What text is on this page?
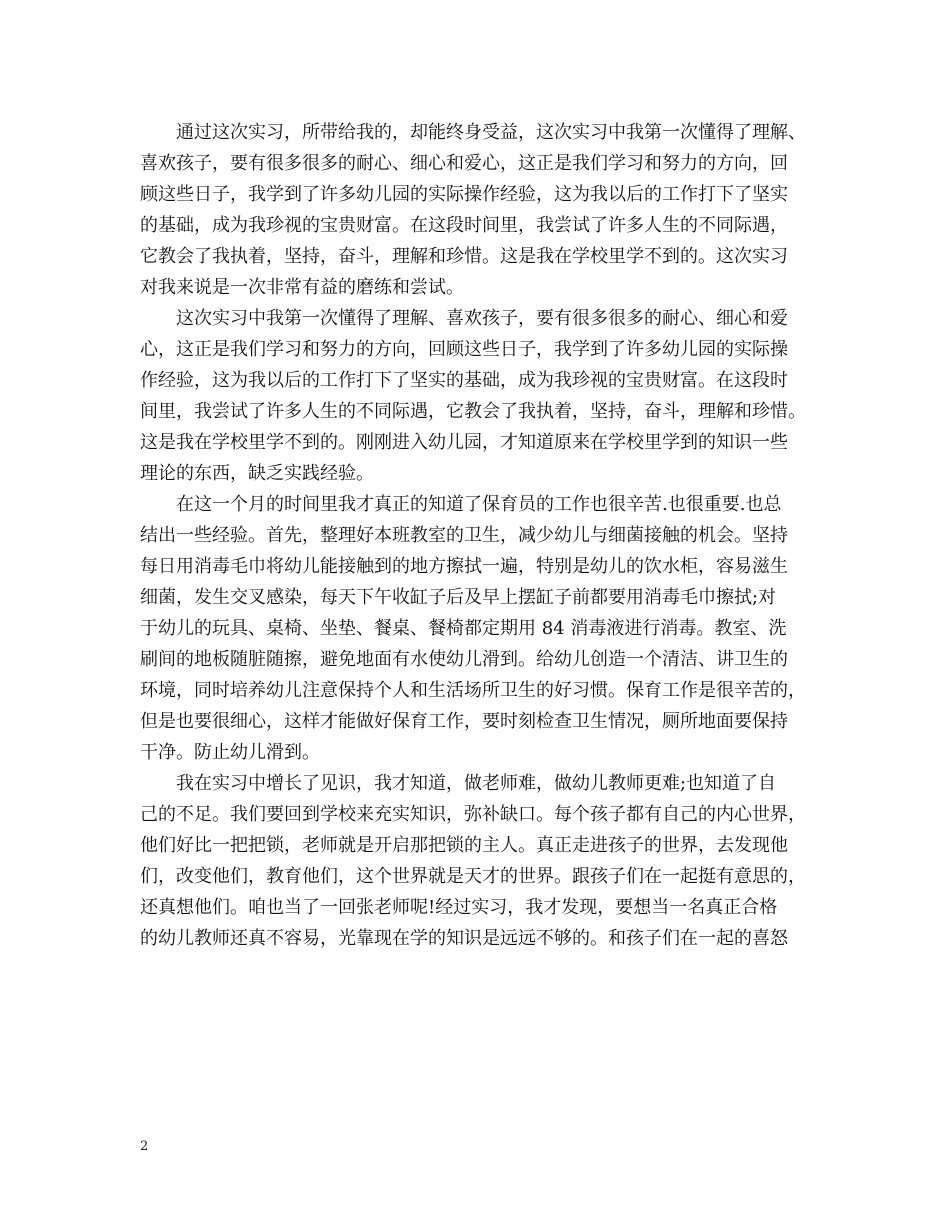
通过这次实习，所带给我的，却能终身受益，这次实习中我第一次懂得了理解、
喜欢孩子，要有很多很多的耐心、细心和爱心，这正是我们学习和努力的方向，回
顾这些日子，我学到了许多幼儿园的实际操作经验，这为我以后的工作打下了坚实
的基础，成为我珍视的宝贵财富。在这段时间里，我尝试了许多人生的不同际遇，
它教会了我执着，坚持，奋斗，理解和珍惜。这是我在学校里学不到的。这次实习
对我来说是一次非常有益的磨练和尝试。
这次实习中我第一次懂得了理解、喜欢孩子，要有很多很多的耐心、细心和爱
心，这正是我们学习和努力的方向，回顾这些日子，我学到了许多幼儿园的实际操
作经验，这为我以后的工作打下了坚实的基础，成为我珍视的宝贵财富。在这段时
间里，我尝试了许多人生的不同际遇，它教会了我执着，坚持，奋斗，理解和珍惜。
这是我在学校里学不到的。刚刚进入幼儿园，才知道原来在学校里学到的知识一些
理论的东西，缺乏实践经验。
在这一个月的时间里我才真正的知道了保育员的工作也很辛苦.也很重要.也总
结出一些经验。首先，整理好本班教室的卫生，减少幼儿与细菌接触的机会。坚持
每日用消毒毛巾将幼儿能接触到的地方擦拭一遍，特别是幼儿的饮水柜，容易滋生
细菌，发生交叉感染，每天下午收缸子后及早上摆缸子前都要用消毒毛巾擦拭;对
于幼儿的玩具、桌椅、坐垫、餐桌、餐椅都定期用 84 消毒液进行消毒。教室、洗
刷间的地板随脏随擦，避免地面有水使幼儿滑到。给幼儿创造一个清洁、讲卫生的
环境，同时培养幼儿注意保持个人和生活场所卫生的好习惯。保育工作是很辛苦的，
但是也要很细心，这样才能做好保育工作，要时刻检查卫生情况，厕所地面要保持
干净。防止幼儿滑到。
我在实习中增长了见识，我才知道，做老师难，做幼儿教师更难;也知道了自
己的不足。我们要回到学校来充实知识，弥补缺口。每个孩子都有自己的内心世界，
他们好比一把把锁，老师就是开启那把锁的主人。真正走进孩子的世界，去发现他
们，改变他们，教育他们，这个世界就是天才的世界。跟孩子们在一起挺有意思的，
还真想他们。咱也当了一回张老师呢!经过实习，我才发现，要想当一名真正合格
的幼儿教师还真不容易，光靠现在学的知识是远远不够的。和孩子们在一起的喜怒
2
